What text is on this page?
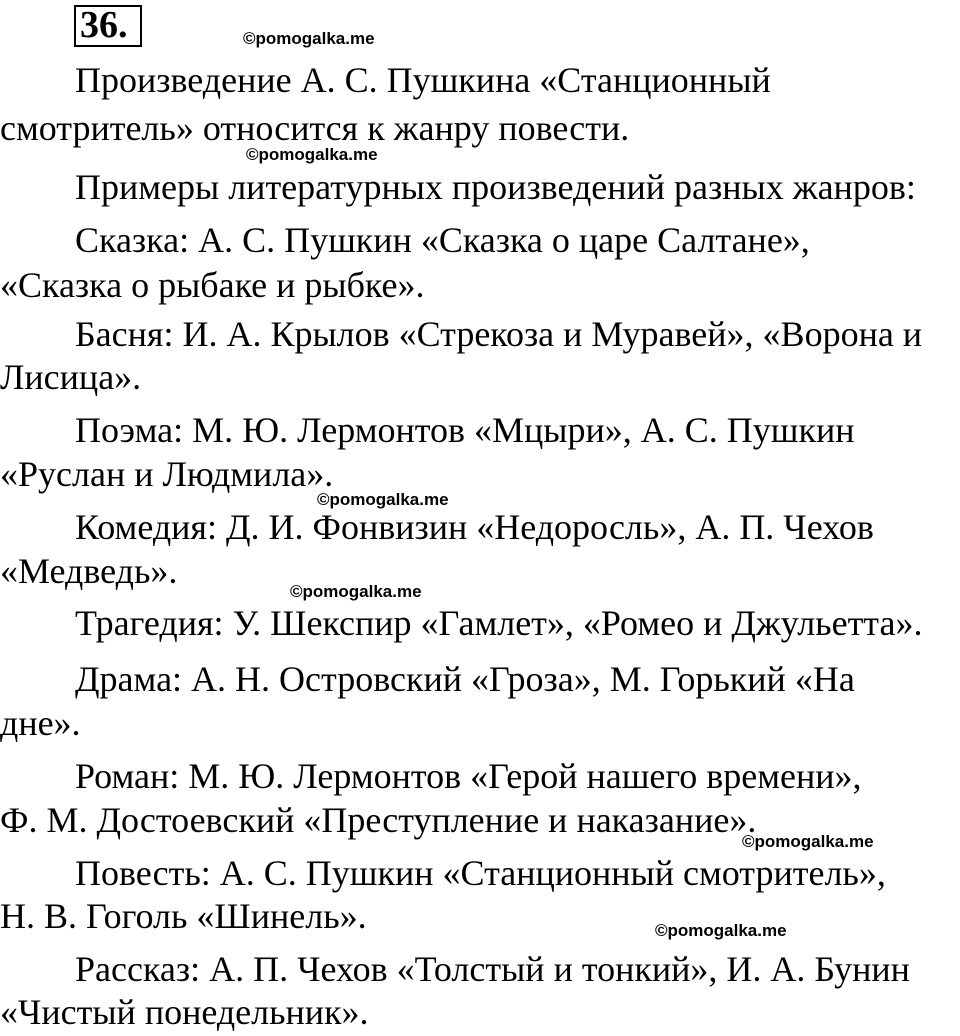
36.	©pomogalka.me
©pomogalka.me
©pomogalka.me
©pomogalka.me
©pomogalka.me
©pomogalka.me

Произведение А. С. Пушкина «Станционный

смотритель» относится к жанру повести.

Примеры литературных произведений разных жанров:

Сказка: А. С. Пушкин «Сказка о царе Салтане»,

«Сказка о рыбаке и рыбке».

Басня: И. А. Крылов «Стрекоза и Муравей», «Ворона и

Лисица».

Поэма: М. Ю. Лермонтов «Мцыри», А. С. Пушкин

«Руслан и Людмила».

Комедия: Д. И. Фонвизин «Недоросль», А. П. Чехов

«Медведь».

Трагедия: У. Шекспир «Гамлет», «Ромео и Джульетта».

Драма: А. Н. Островский «Гроза», М. Горький «На

дне».

Роман: М. Ю. Лермонтов «Герой нашего времени»,

Ф. М. Достоевский «Преступление и наказание».

Повесть: А. С. Пушкин «Станционный смотритель»,

Н. В. Гоголь «Шинель».

Рассказ: А. П. Чехов «Толстый и тонкий», И. А. Бунин

«Чистый понедельник».
